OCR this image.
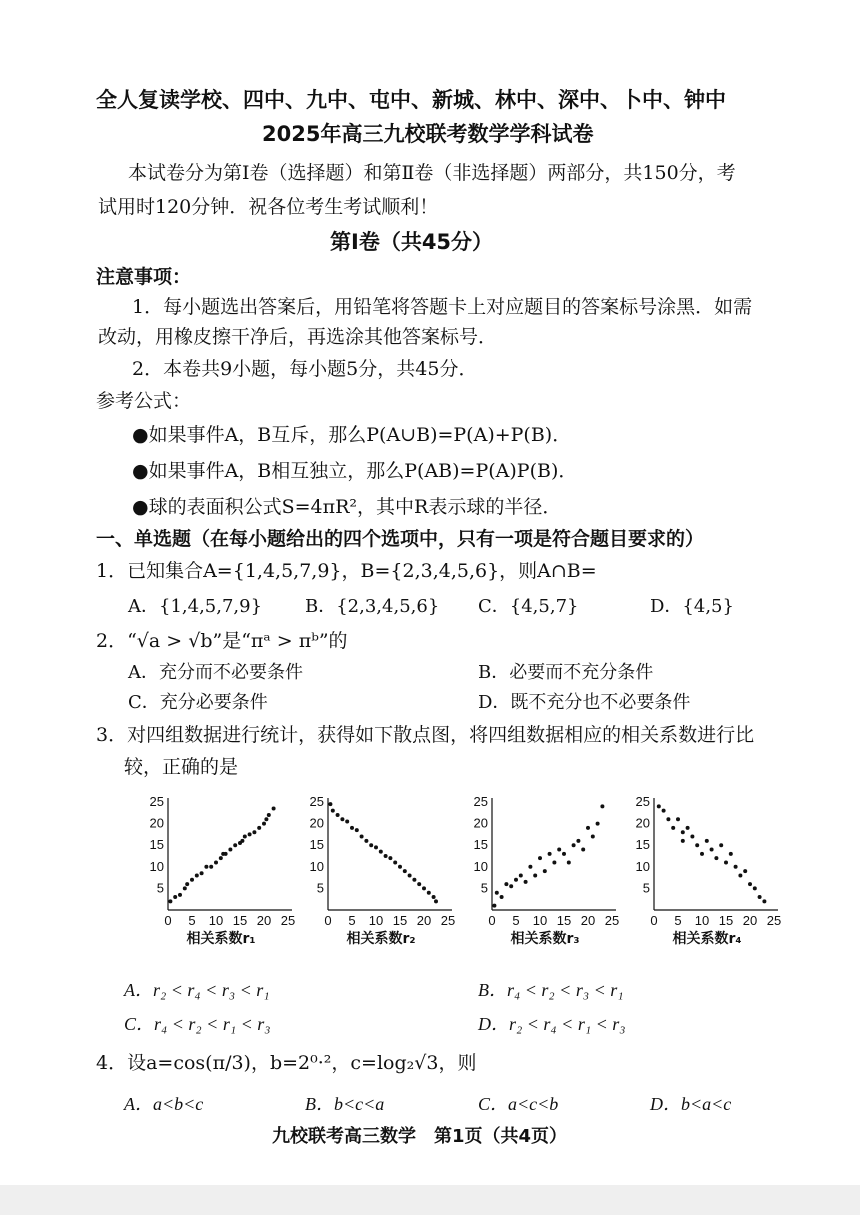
全人复读学校、四中、九中、屯中、新城、林中、深中、卜中、钟中
2025年高三九校联考数学学科试卷
本试卷分为第Ⅰ卷（选择题）和第Ⅱ卷（非选择题）两部分，共150分，考
试用时120分钟．祝各位考生考试顺利！
第Ⅰ卷（共45分）
注意事项：
1．每小题选出答案后，用铅笔将答题卡上对应题目的答案标号涂黑．如需
改动，用橡皮擦干净后，再选涂其他答案标号．
2．本卷共9小题，每小题5分，共45分．
参考公式：
●如果事件A，B互斥，那么P(A∪B)=P(A)+P(B)．
●如果事件A，B相互独立，那么P(AB)=P(A)P(B)．
●球的表面积公式S=4πR²，其中R表示球的半径．
一、单选题（在每小题给出的四个选项中，只有一项是符合题目要求的）
1．已知集合A={1,4,5,7,9}，B={2,3,4,5,6}，则A∩B=
A．{1,4,5,7,9} B．{2,3,4,5,6} C．{4,5,7}	D．{4,5}
2．“√a > √b”是“πᵃ > πᵇ”的
A．充分而不必要条件	B．必要而不充分条件
C．充分必要条件	D．既不充分也不必要条件
3．对四组数据进行统计，获得如下散点图，将四组数据相应的相关系数进行比
较，正确的是
0 5 10 15 20 25
5
10
15
20
25
相关系数r₁
0 5 10 15 20 25
5
10
15
20
25
相关系数r₂
0 5 10 15 20 25
5
10
15
20
25
相关系数r₃
0 5 10 15 20 25
5
10
15
20
25
相关系数r₄
A．r₂ < r₄ < r₃ < r₁	B．r₄ < r₂ < r₃ < r₁
C．r₄ < r₂ < r₁ < r₃	D．r₂ < r₄ < r₁ < r₃
4．设a=cos(π/3)，b=2⁰·²，c=log₂√3，则
A．a<b<c	B．b<c<a	C．a<c<b	D．b<a<c
九校联考高三数学　第1页（共4页）
